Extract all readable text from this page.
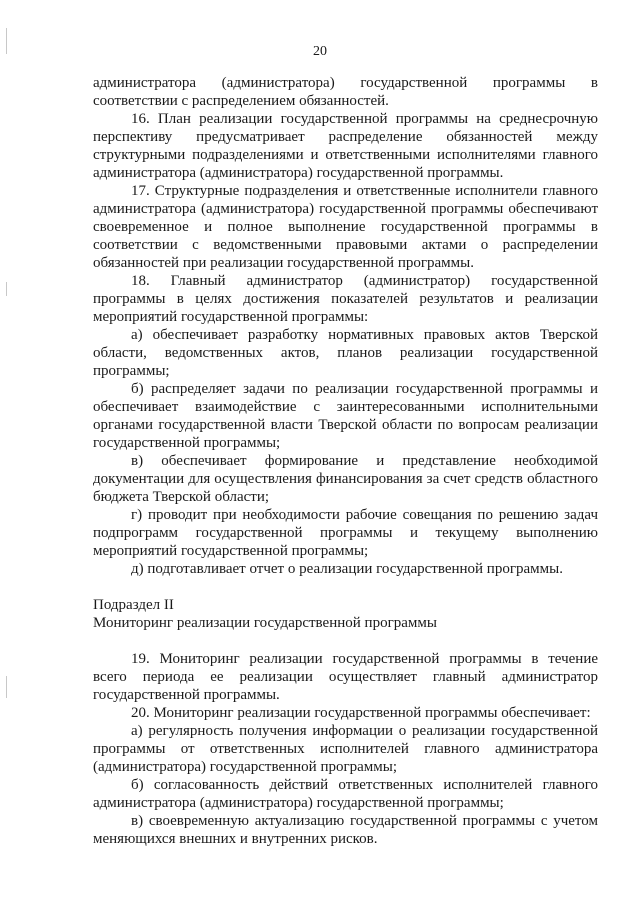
20

администратора (администратора) государственной программы в соответствии с распределением обязанностей.

16. План реализации государственной программы на среднесрочную перспективу предусматривает распределение обязанностей между структурными подразделениями и ответственными исполнителями главного администратора (администратора) государственной программы.

17. Структурные подразделения и ответственные исполнители главного администратора (администратора) государственной программы обеспечивают своевременное и полное выполнение государственной программы в соответствии с ведомственными правовыми актами о распределении обязанностей при реализации государственной программы.

18. Главный администратор (администратор) государственной программы в целях достижения показателей результатов и реализации мероприятий государственной программы:

а) обеспечивает разработку нормативных правовых актов Тверской области, ведомственных актов, планов реализации государственной программы;

б) распределяет задачи по реализации государственной программы и обеспечивает взаимодействие с заинтересованными исполнительными органами государственной власти Тверской области по вопросам реализации государственной программы;

в) обеспечивает формирование и представление необходимой документации для осуществления финансирования за счет средств областного бюджета Тверской области;

г) проводит при необходимости рабочие совещания по решению задач подпрограмм государственной программы и текущему выполнению мероприятий государственной программы;

д) подготавливает отчет о реализации государственной программы.

Подраздел II

Мониторинг реализации государственной программы

19. Мониторинг реализации государственной программы в течение всего периода ее реализации осуществляет главный администратор государственной программы.

20. Мониторинг реализации государственной программы обеспечивает:

а) регулярность получения информации о реализации государственной программы от ответственных исполнителей главного администратора (администратора) государственной программы;

б) согласованность действий ответственных исполнителей главного администратора (администратора) государственной программы;

в) своевременную актуализацию государственной программы с учетом меняющихся внешних и внутренних рисков.
